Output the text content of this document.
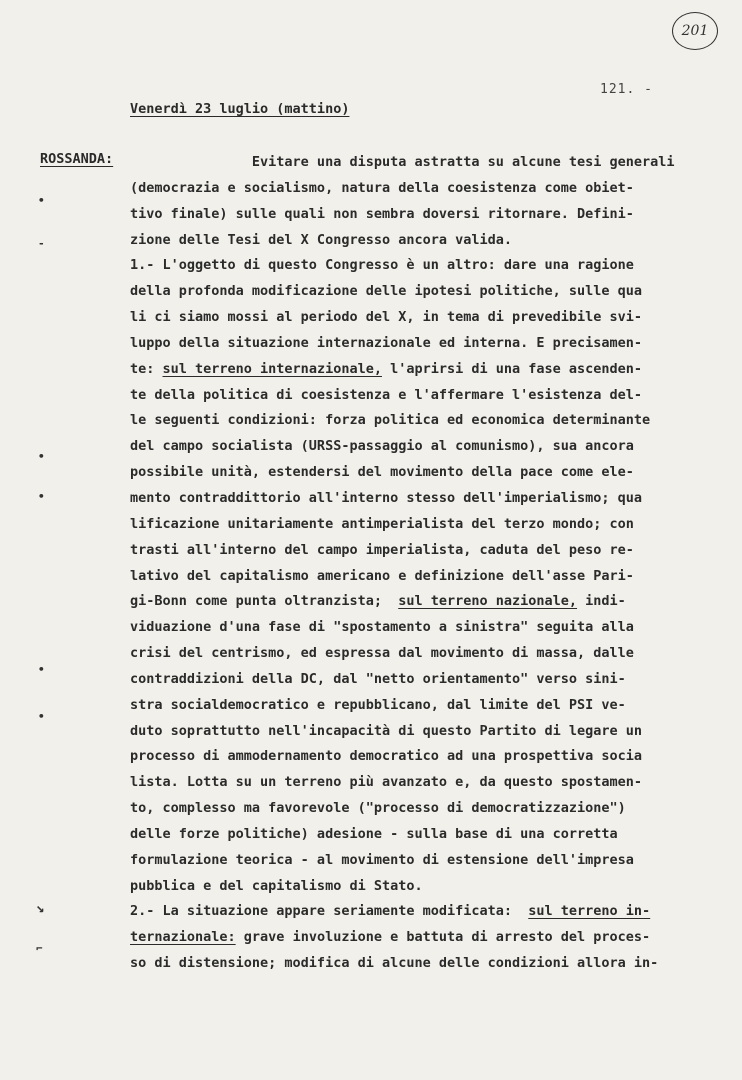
201
121. -
Venerdì 23 luglio (mattino)
ROSSANDA: Evitare una disputa astratta su alcune tesi generali
(democrazia e socialismo, natura della coesistenza come obiet-
tivo finale) sulle quali non sembra doversi ritornare. Defini-
zione delle Tesi del X Congresso ancora valida.
1.- L'oggetto di questo Congresso è un altro: dare una ragione
della profonda modificazione delle ipotesi politiche, sulle qua
li ci siamo mossi al periodo del X, in tema di prevedibile svi-
luppo della situazione internazionale ed interna. E precisamen-
te: sul terreno internazionale, l'aprirsi di una fase ascenden-
te della politica di coesistenza e l'affermare l'esistenza del-
le seguenti condizioni: forza politica ed economica determinante
del campo socialista (URSS-passaggio al comunismo), sua ancora
possibile unità, estendersi del movimento della pace come ele-
mento contraddittorio all'interno stesso dell'imperialismo; qua
lificazione unitariamente antimperialista del terzo mondo; con
trasti all'interno del campo imperialista, caduta del peso re-
lativo del capitalismo americano e definizione dell'asse Pari-
gi-Bonn come punta oltranzista;  sul terreno nazionale, indi-
viduazione d'una fase di "spostamento a sinistra" seguita alla
crisi del centrismo, ed espressa dal movimento di massa, dalle
contraddizioni della DC, dal "netto orientamento" verso sini-
stra socialdemocratico e repubblicano, dal limite del PSI ve-
duto soprattutto nell'incapacità di questo Partito di legare un
processo di ammodernamento democratico ad una prospettiva socia
lista. Lotta su un terreno più avanzato e, da questo spostamen-
to, complesso ma favorevole ("processo di democratizzazione")
delle forze politiche) adesione - sulla base di una corretta
formulazione teorica - al movimento di estensione dell'impresa
pubblica e del capitalismo di Stato.
2.- La situazione appare seriamente modificata:  sul terreno in-
ternazionale: grave involuzione e battuta di arresto del proces-
so di distensione; modifica di alcune delle condizioni allora in-
•
-
•
•
•
•
↘
⌐
